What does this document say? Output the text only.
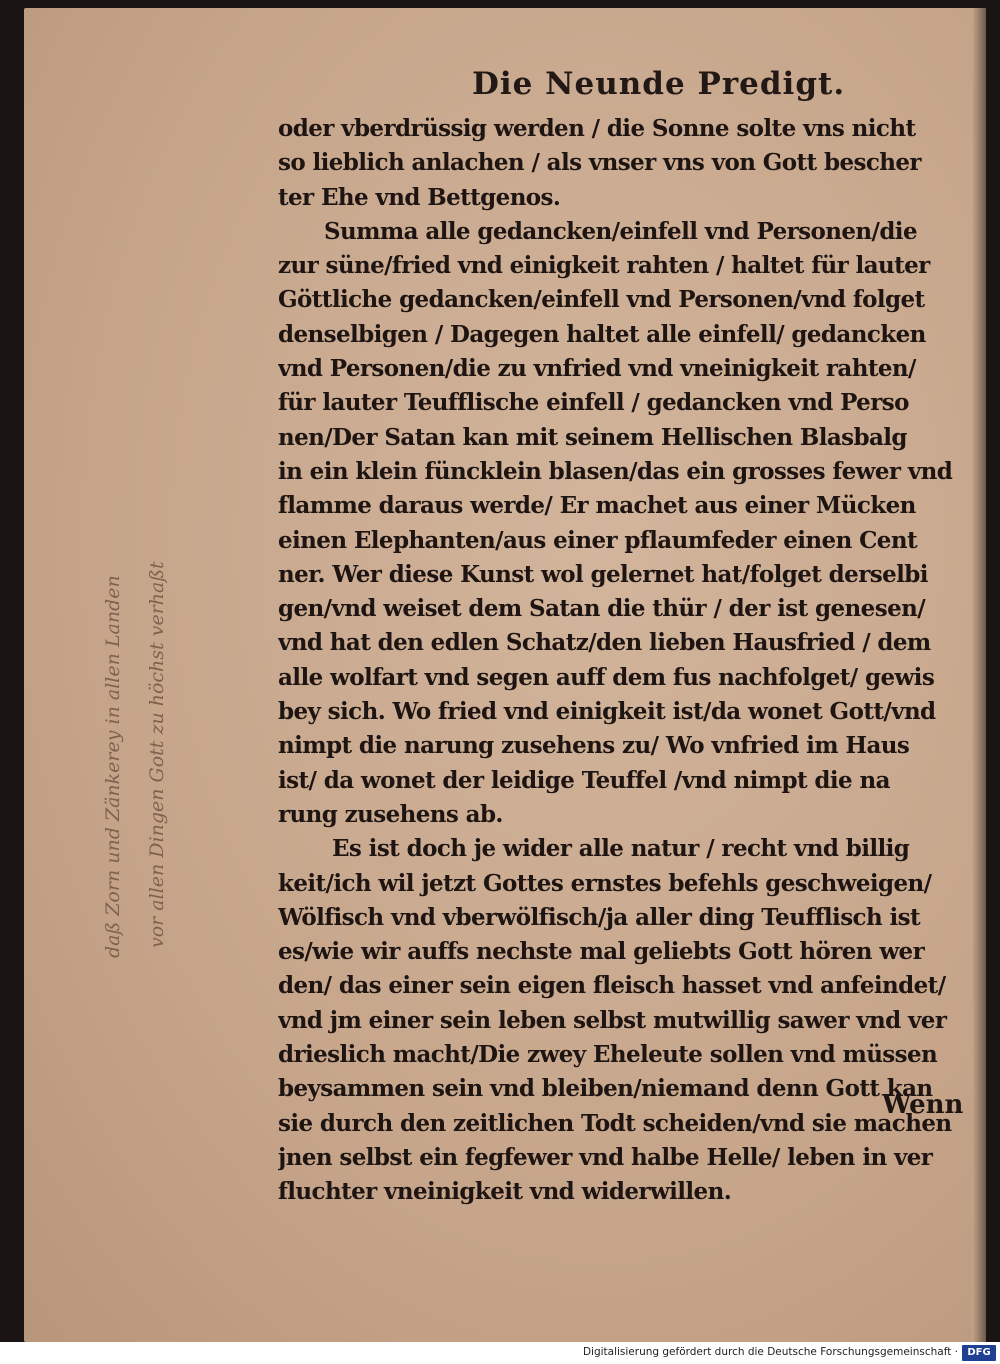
Die Neunde Predigt.
oder vberdrüssig werden / die Sonne solte vns nicht
so lieblich anlachen / als vnser vns von Gott bescher
ter Ehe vnd Bettgenos.
Summa alle gedancken/einfell vnd Personen/die
zur süne/fried vnd einigkeit rahten / haltet für lauter
Göttliche gedancken/einfell vnd Personen/vnd folget
denselbigen / Dagegen haltet alle einfell/ gedancken
vnd Personen/die zu vnfried vnd vneinigkeit rahten/
für lauter Teufflische einfell / gedancken vnd Perso
nen/Der Satan kan mit seinem Hellischen Blasbalg
in ein klein füncklein blasen/das ein grosses fewer vnd
flamme daraus werde/ Er machet aus einer Mücken
einen Elephanten/aus einer pflaumfeder einen Cent
ner. Wer diese Kunst wol gelernet hat/folget derselbi
gen/vnd weiset dem Satan die thür / der ist genesen/
vnd hat den edlen Schatz/den lieben Hausfried / dem
alle wolfart vnd segen auff dem fus nachfolget/ gewis
bey sich. Wo fried vnd einigkeit ist/da wonet Gott/vnd
nimpt die narung zusehens zu/ Wo vnfried im Haus
ist/ da wonet der leidige Teuffel /vnd nimpt die na
rung zusehens ab.
Es ist doch je wider alle natur / recht vnd billig
keit/ich wil jetzt Gottes ernstes befehls geschweigen/
Wölfisch vnd vberwölfisch/ja aller ding Teufflisch ist
es/wie wir auffs nechste mal geliebts Gott hören wer
den/ das einer sein eigen fleisch hasset vnd anfeindet/
vnd jm einer sein leben selbst mutwillig sawer vnd ver
drieslich macht/Die zwey Eheleute sollen vnd müssen
beysammen sein vnd bleiben/niemand denn Gott kan
sie durch den zeitlichen Todt scheiden/vnd sie machen
jnen selbst ein fegfewer vnd halbe Helle/ leben in ver
fluchter vneinigkeit vnd widerwillen.
Wenn
daß Zorn und Zänkerey in allen Landen vor allen Dingen Gott zu höchst verhaßt
Digitalisierung gefördert durch die Deutsche Forschungsgemeinschaft · DFG
